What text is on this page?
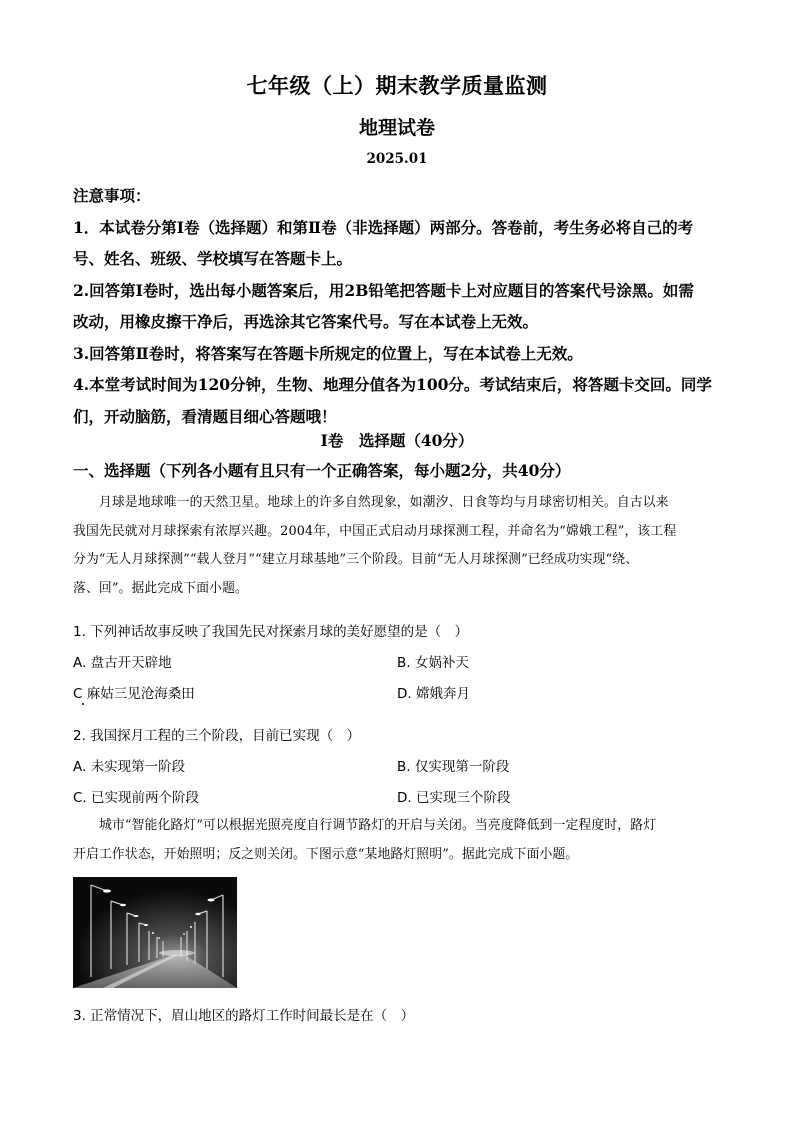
七年级（上）期末教学质量监测
地理试卷
2025.01
注意事项：
1．本试卷分第Ⅰ卷（选择题）和第Ⅱ卷（非选择题）两部分。答卷前，考生务必将自己的考
号、姓名、班级、学校填写在答题卡上。
2.回答第Ⅰ卷时，选出每小题答案后，用2B铅笔把答题卡上对应题目的答案代号涂黑。如需
改动，用橡皮擦干净后，再选涂其它答案代号。写在本试卷上无效。
3.回答第Ⅱ卷时，将答案写在答题卡所规定的位置上，写在本试卷上无效。
4.本堂考试时间为120分钟，生物、地理分值各为100分。考试结束后，将答题卡交回。同学
们，开动脑筋，看清题目细心答题哦！
Ⅰ卷　选择题（40分）
一、选择题（下列各小题有且只有一个正确答案，每小题2分，共40分）
月球是地球唯一的天然卫星。地球上的许多自然现象，如潮汐、日食等均与月球密切相关。自古以来
我国先民就对月球探索有浓厚兴趣。2004年，中国正式启动月球探测工程，并命名为“嫦娥工程”，该工程
分为“无人月球探测”“载人登月”“建立月球基地”三个阶段。目前“无人月球探测”已经成功实现“绕、
落、回”。据此完成下面小题。
1. 下列神话故事反映了我国先民对探索月球的美好愿望的是（　）
A. 盘古开天辟地	B. 女娲补天
C 麻姑三见沧海桑田	D. 嫦娥奔月
2. 我国探月工程的三个阶段，目前已实现（　）
A. 未实现第一阶段	B. 仅实现第一阶段
C. 已实现前两个阶段	D. 已实现三个阶段
城市“智能化路灯”可以根据光照亮度自行调节路灯的开启与关闭。当亮度降低到一定程度时，路灯
开启工作状态，开始照明；反之则关闭。下图示意“某地路灯照明”。据此完成下面小题。
3. 正常情况下，眉山地区的路灯工作时间最长是在（　）
